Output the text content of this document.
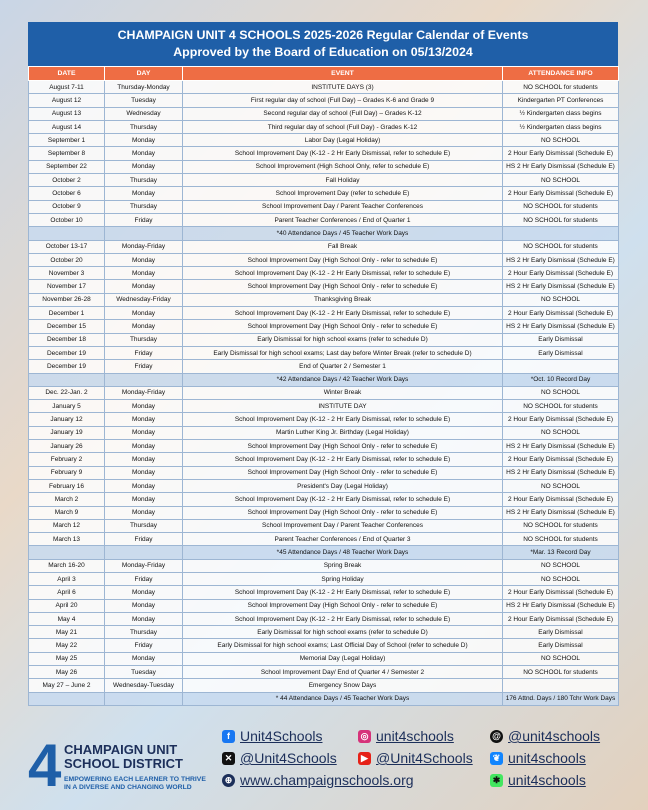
CHAMPAIGN UNIT 4 SCHOOLS 2025-2026 Regular Calendar of Events
Approved by the Board of Education on 05/13/2024
DATE	DAY	EVENT	ATTENDANCE INFO
August 7-11	Thursday-Monday	INSTITUTE DAYS (3)	NO SCHOOL for students
August 12	Tuesday	First regular day of school (Full Day) – Grades K-6 and Grade 9	Kindergarten PT Conferences
August 13	Wednesday	Second regular day of school (Full Day) – Grades K-12	½ Kindergarten class begins
August 14	Thursday	Third regular day of school (Full Day) - Grades K-12	½ Kindergarten class begins
September 1	Monday	Labor Day (Legal Holiday)	NO SCHOOL
September 8	Monday	School Improvement Day (K-12 - 2 Hr Early Dismissal, refer to schedule E)	2 Hour Early Dismissal (Schedule E)
September 22	Monday	School Improvement (High School Only, refer to schedule E)	HS 2 Hr Early Dismissal (Schedule E)
October 2	Thursday	Fall Holiday	NO SCHOOL
October 6	Monday	School Improvement Day (refer to schedule E)	2 Hour Early Dismissal (Schedule E)
October 9	Thursday	School Improvement Day / Parent Teacher Conferences	NO SCHOOL for students
October 10	Friday	Parent Teacher Conferences / End of Quarter 1	NO SCHOOL for students
		*40 Attendance Days / 45 Teacher Work Days	
October 13-17	Monday-Friday	Fall Break	NO SCHOOL for students
October 20	Monday	School Improvement Day (High School Only - refer to schedule E)	HS 2 Hr Early Dismissal (Schedule E)
November 3	Monday	School Improvement Day (K-12 - 2 Hr Early Dismissal, refer to schedule E)	2 Hour Early Dismissal (Schedule E)
November 17	Monday	School Improvement Day (High School Only - refer to schedule E)	HS 2 Hr Early Dismissal (Schedule E)
November 26-28	Wednesday-Friday	Thanksgiving Break	NO SCHOOL
December 1	Monday	School Improvement Day (K-12 - 2 Hr Early Dismissal, refer to schedule E)	2 Hour Early Dismissal (Schedule E)
December 15	Monday	School Improvement Day (High School Only - refer to schedule E)	HS 2 Hr Early Dismissal (Schedule E)
December 18	Thursday	Early Dismissal for high school exams (refer to schedule D)	Early Dismissal
December 19	Friday	Early Dismissal for high school exams; Last day before Winter Break (refer to schedule D)	Early Dismissal
December 19	Friday	End of Quarter 2 / Semester 1	
		*42 Attendance Days / 42 Teacher Work Days	*Oct. 10 Record Day
Dec. 22-Jan. 2	Monday-Friday	Winter Break	NO SCHOOL
January 5	Monday	INSTITUTE DAY	NO SCHOOL for students
January 12	Monday	School Improvement Day (K-12 - 2 Hr Early Dismissal, refer to schedule E)	2 Hour Early Dismissal (Schedule E)
January 19	Monday	Martin Luther King Jr. Birthday (Legal Holiday)	NO SCHOOL
January 26	Monday	School Improvement Day (High School Only - refer to schedule E)	HS 2 Hr Early Dismissal (Schedule E)
February 2	Monday	School Improvement Day (K-12 - 2 Hr Early Dismissal, refer to schedule E)	2 Hour Early Dismissal (Schedule E)
February 9	Monday	School Improvement Day (High School Only - refer to schedule E)	HS 2 Hr Early Dismissal (Schedule E)
February 16	Monday	President's Day (Legal Holiday)	NO SCHOOL
March 2	Monday	School Improvement Day (K-12 - 2 Hr Early Dismissal, refer to schedule E)	2 Hour Early Dismissal (Schedule E)
March 9	Monday	School Improvement Day (High School Only - refer to schedule E)	HS 2 Hr Early Dismissal (Schedule E)
March 12	Thursday	School Improvement Day / Parent Teacher Conferences	NO SCHOOL for students
March 13	Friday	Parent Teacher Conferences / End of Quarter 3	NO SCHOOL for students
		*45 Attendance Days / 48 Teacher Work Days	*Mar. 13 Record Day
March 16-20	Monday-Friday	Spring Break	NO SCHOOL
April 3	Friday	Spring Holiday	NO SCHOOL
April 6	Monday	School Improvement Day (K-12 - 2 Hr Early Dismissal, refer to schedule E)	2 Hour Early Dismissal (Schedule E)
April 20	Monday	School Improvement Day (High School Only - refer to schedule E)	HS 2 Hr Early Dismissal (Schedule E)
May 4	Monday	School Improvement Day (K-12 - 2 Hr Early Dismissal, refer to schedule E)	2 Hour Early Dismissal (Schedule E)
May 21	Thursday	Early Dismissal for high school exams (refer to schedule D)	Early Dismissal
May 22	Friday	Early Dismissal for high school exams; Last Official Day of School (refer to schedule D)	Early Dismissal
May 25	Monday	Memorial Day (Legal Holiday)	NO SCHOOL
May 26	Tuesday	School Improvement Day/ End of Quarter 4 / Semester 2	NO SCHOOL for students
May 27 – June 2	Wednesday-Tuesday	Emergency Snow Days	
		* 44 Attendance Days / 45 Teacher Work Days	176 Attnd. Days / 180 Tchr Work Days
4 CHAMPAIGN UNIT
SCHOOL DISTRICT
EMPOWERING EACH LEARNER TO THRIVE
IN A DIVERSE AND CHANGING WORLD
f Unit4Schools	◎ unit4schools	@ @unit4schools
✕ @Unit4Schools	▶ @Unit4Schools	❦ unit4schools
⊕ www.champaignschools.org	✱ unit4schools
